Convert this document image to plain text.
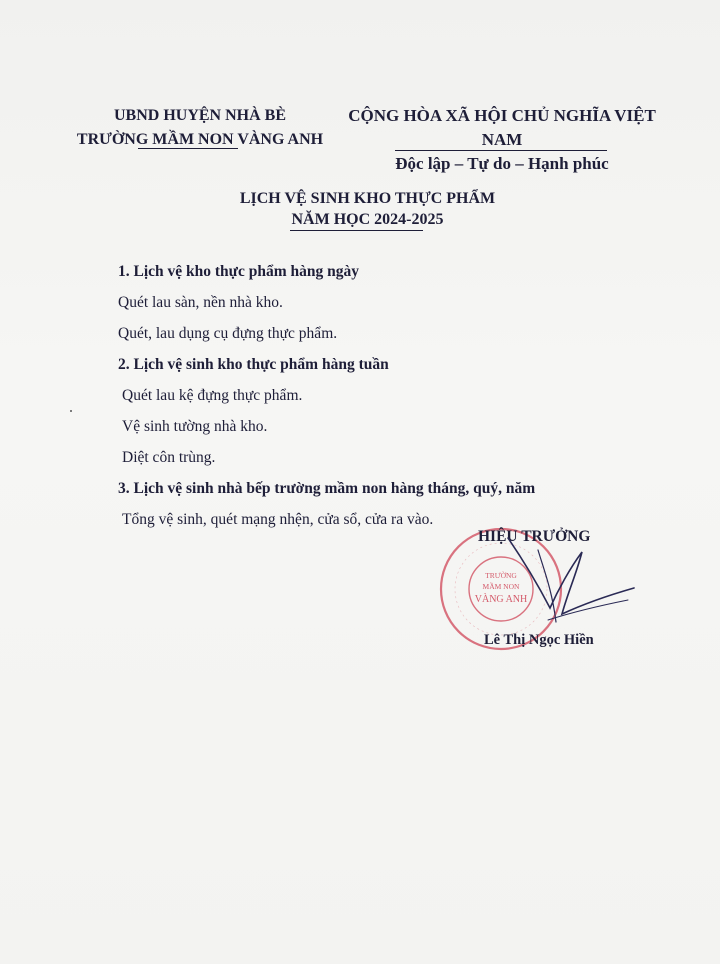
UBND HUYỆN NHÀ BÈ
TRƯỜNG MẦM NON VÀNG ANH
CỘNG HÒA XÃ HỘI CHỦ NGHĨA VIỆT NAM
Độc lập – Tự do – Hạnh phúc
LỊCH VỆ SINH KHO THỰC PHẨM
NĂM HỌC 2024-2025
1. Lịch vệ kho thực phẩm hàng ngày
Quét lau sàn, nền nhà kho.
Quét, lau dụng cụ đựng thực phẩm.
2. Lịch vệ sinh kho thực phẩm hàng tuần
Quét lau kệ đựng thực phẩm.
Vệ sinh tường nhà kho.
Diệt côn trùng.
3. Lịch vệ sinh nhà bếp trường mầm non hàng tháng, quý, năm
Tổng vệ sinh, quét mạng nhện, cửa sổ, cửa ra vào.
TRƯỜNG
MẦM NON
VÀNG ANH
HIỆU TRƯỞNG
Lê Thị Ngọc Hiền
